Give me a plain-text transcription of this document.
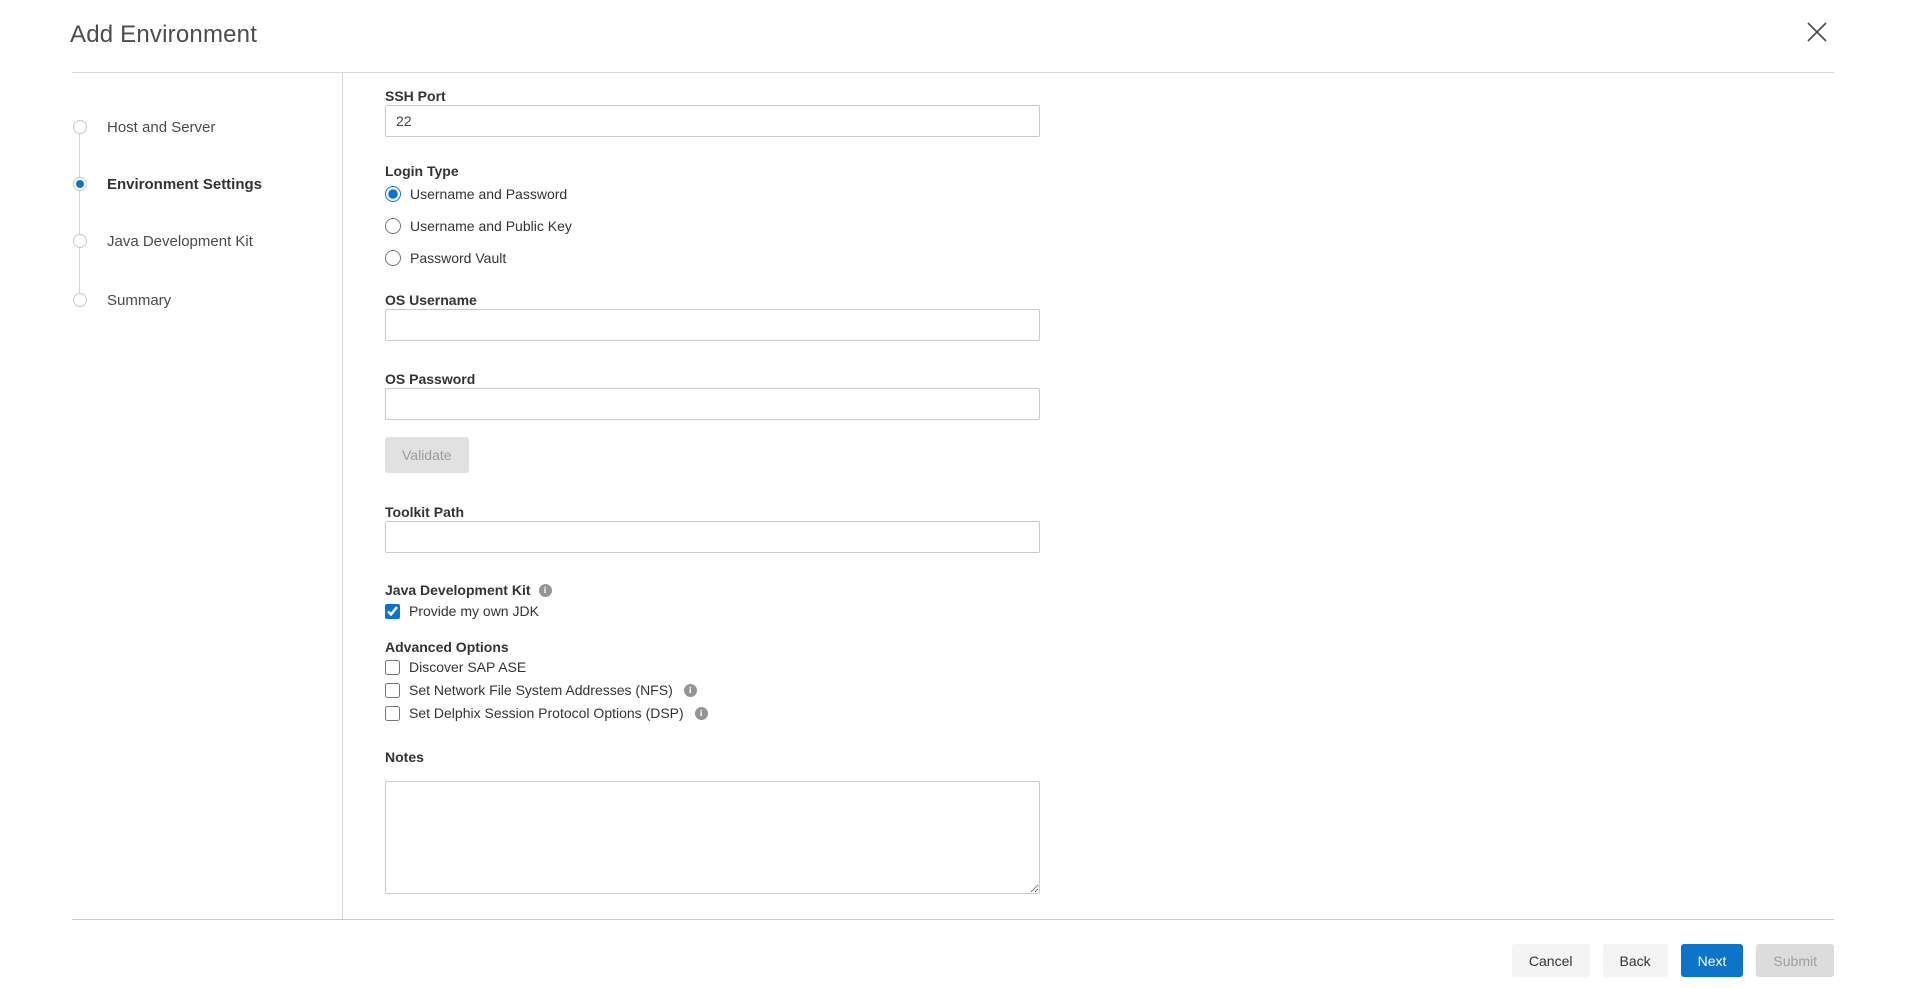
Add Environment
Host and Server
Environment Settings
Java Development Kit
Summary
SSH Port
22
Login Type
Username and Password
Username and Public Key
Password Vault
OS Username
OS Password
Validate
Toolkit Path
Java Development Kit	i
Provide my own JDK
Advanced Options
Discover SAP ASE
Set Network File System Addresses (NFS)	i
Set Delphix Session Protocol Options (DSP)	i
Notes
Cancel	Back	Next	Submit
